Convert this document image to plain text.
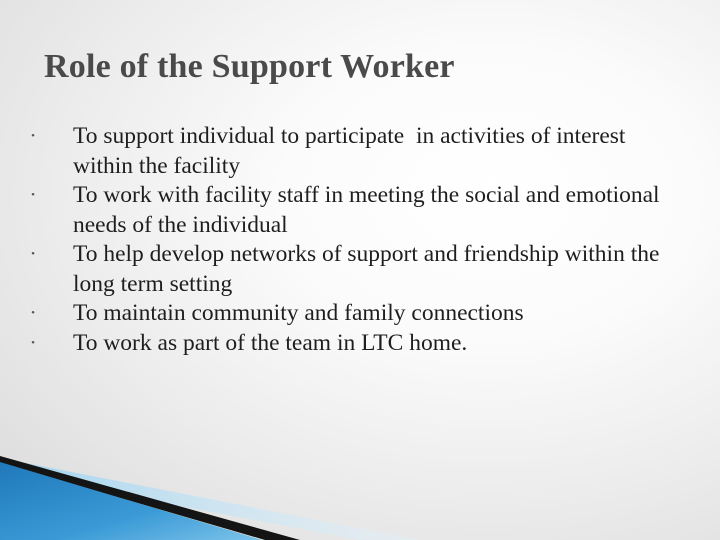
Role of the Support Worker
• To support individual to participate  in activities of interest within the facility
• To work with facility staff in meeting the social and emotional needs of the individual
• To help develop networks of support and friendship within the long term setting
• To maintain community and family connections
• To work as part of the team in LTC home.
